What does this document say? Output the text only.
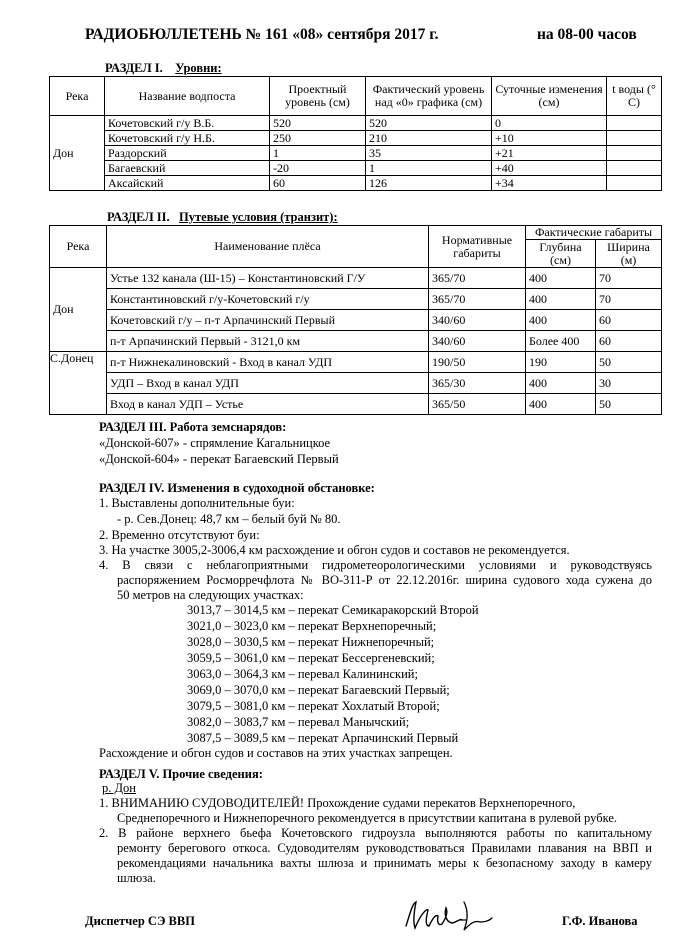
РАДИОБЮЛЛЕТЕНЬ № 161 «08» сентября 2017 г.	на 08-00 часов
РАЗДЕЛ I. Уровни:
Река	Название водпоста	Проектный уровень (см)	Фактический уровень над «0» графика (см)	Суточные изменения (см)	t воды (° С)
Дон	Кочетовский г/у В.Б.	520	520	0	
	Кочетовский г/у Н.Б.	250	210	+10	
	Раздорский	1	35	+21	
	Багаевский	-20	1	+40	
	Аксайский	60	126	+34	
РАЗДЕЛ II. Путевые условия (транзит):
Река	Наименование плёса	Нормативные габариты	Фактические габариты	
			Глубина (см)	Ширина (м)
Дон	Устье 132 канала (Ш-15) – Константиновский Г/У	365/70	400	70
	Константиновский г/у-Кочетовский г/у	365/70	400	70
	Кочетовский г/у – п-т Арпачинский Первый	340/60	400	60
	п-т Арпачинский Первый - 3121,0 км	340/60	Более 400	60
С.Донец	п-т Нижнекалиновский - Вход в канал УДП	190/50	190	50
	УДП – Вход в канал УДП	365/30	400	30
	Вход в канал УДП – Устье	365/50	400	50
РАЗДЕЛ III. Работа земснарядов:
«Донской-607» - спрямление Кагальницкое
«Донской-604» - перекат Багаевский Первый
РАЗДЕЛ IV. Изменения в судоходной обстановке:
1. Выставлены дополнительные буи:
- р. Сев.Донец: 48,7 км – белый буй № 80.
2. Временно отсутствуют буи:
3. На участке 3005,2-3006,4 км расхождение и обгон судов и составов не рекомендуется.
4. В связи с неблагоприятными гидрометеорологическими условиями и руководствуясь
распоряжением Росморречфлота № ВО-311-Р от 22.12.2016г. ширина судового хода сужена до
50 метров на следующих участках:
3013,7 – 3014,5 км – перекат Семикаракорский Второй
3021,0 – 3023,0 км – перекат Верхнепоречный;
3028,0 – 3030,5 км – перекат Нижнепоречный;
3059,5 – 3061,0 км – перекат Бессергеневский;
3063,0 – 3064,3 км – перевал Калининский;
3069,0 – 3070,0 км – перекат Багаевский Первый;
3079,5 – 3081,0 км – перекат Хохлатый Второй;
3082,0 – 3083,7 км – перевал Манычский;
3087,5 – 3089,5 км – перекат Арпачинский Первый
Расхождение и обгон судов и составов на этих участках запрещен.
РАЗДЕЛ V. Прочие сведения:
р. Дон
1. ВНИМАНИЮ СУДОВОДИТЕЛЕЙ! Прохождение судами перекатов Верхнепоречного,
Среднепоречного и Нижнепоречного рекомендуется в присутствии капитана в рулевой рубке.
2. В районе верхнего бьефа Кочетовского гидроузла выполняются работы по капитальному
ремонту берегового откоса. Судоводителям руководствоваться Правилами плавания на ВВП и
рекомендациями начальника вахты шлюза и принимать меры к безопасному заходу в камеру
шлюза.
Диспетчер СЭ ВВП	Г.Ф. Иванова
